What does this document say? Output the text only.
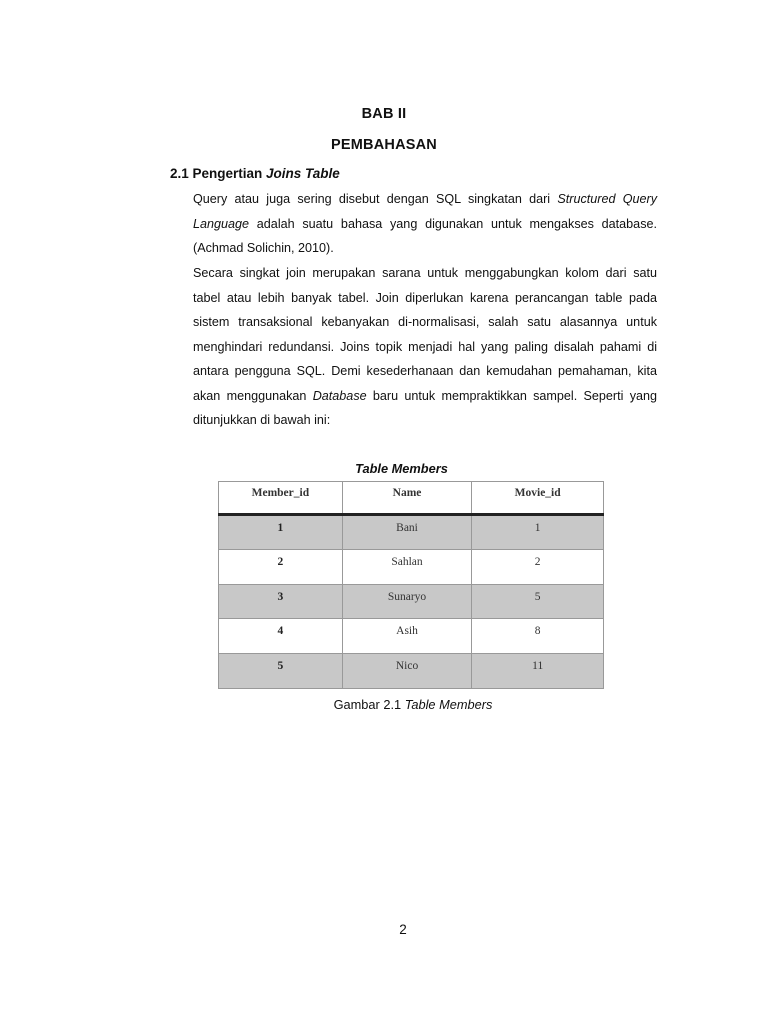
BAB II
PEMBAHASAN
2.1 Pengertian Joins Table
Query atau juga sering disebut dengan SQL singkatan dari Structured Query Language adalah suatu bahasa yang digunakan untuk mengakses database. (Achmad Solichin, 2010).
Secara singkat join merupakan sarana untuk menggabungkan kolom dari satu tabel atau lebih banyak tabel. Join diperlukan karena perancangan table pada sistem transaksional kebanyakan di-normalisasi, salah satu alasannya untuk menghindari redundansi. Joins topik menjadi hal yang paling disalah pahami di antara pengguna SQL. Demi kesederhanaan dan kemudahan pemahaman, kita akan menggunakan Database baru untuk mempraktikkan sampel. Seperti yang ditunjukkan di bawah ini:
Table Members
Member_id	Name	Movie_id
1	Bani	1
2	Sahlan	2
3	Sunaryo	5
4	Asih	8
5	Nico	11
Gambar 2.1 Table Members
2
